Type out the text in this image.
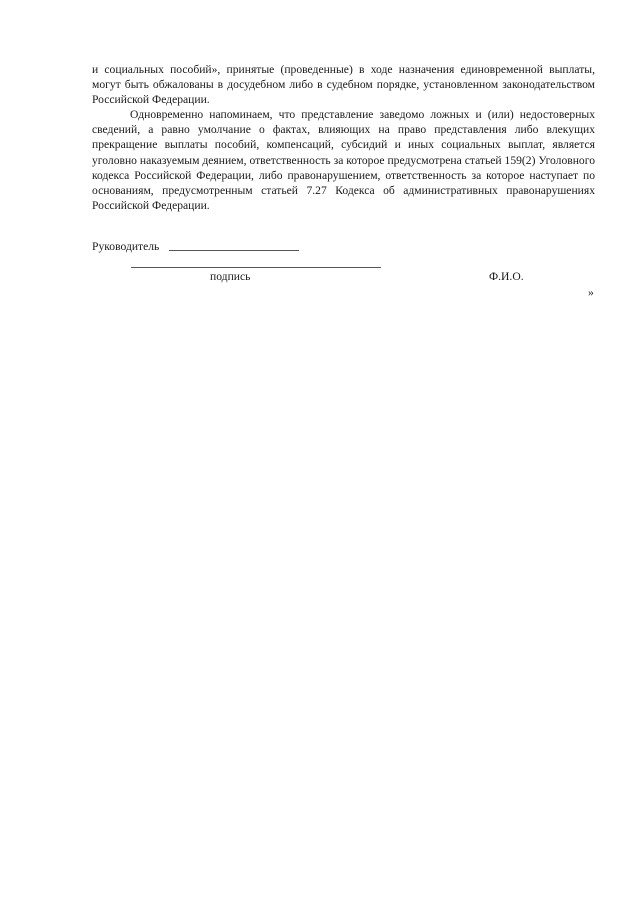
и социальных пособий», принятые (проведенные) в ходе назначения единовременной выплаты, могут быть обжалованы в досудебном либо в судебном порядке, установленном законодательством Российской Федерации.
Одновременно напоминаем, что представление заведомо ложных и (или) недостоверных сведений, а равно умолчание о фактах, влияющих на право представления либо влекущих прекращение выплаты пособий, компенсаций, субсидий и иных социальных выплат, является уголовно наказуемым деянием, ответственность за которое предусмотрена статьей 159(2) Уголовного кодекса Российской Федерации, либо правонарушением, ответственность за которое наступает по основаниям, предусмотренным статьей 7.27 Кодекса об административных правонарушениях Российской Федерации.
Руководитель
подпись	Ф.И.О.
»
